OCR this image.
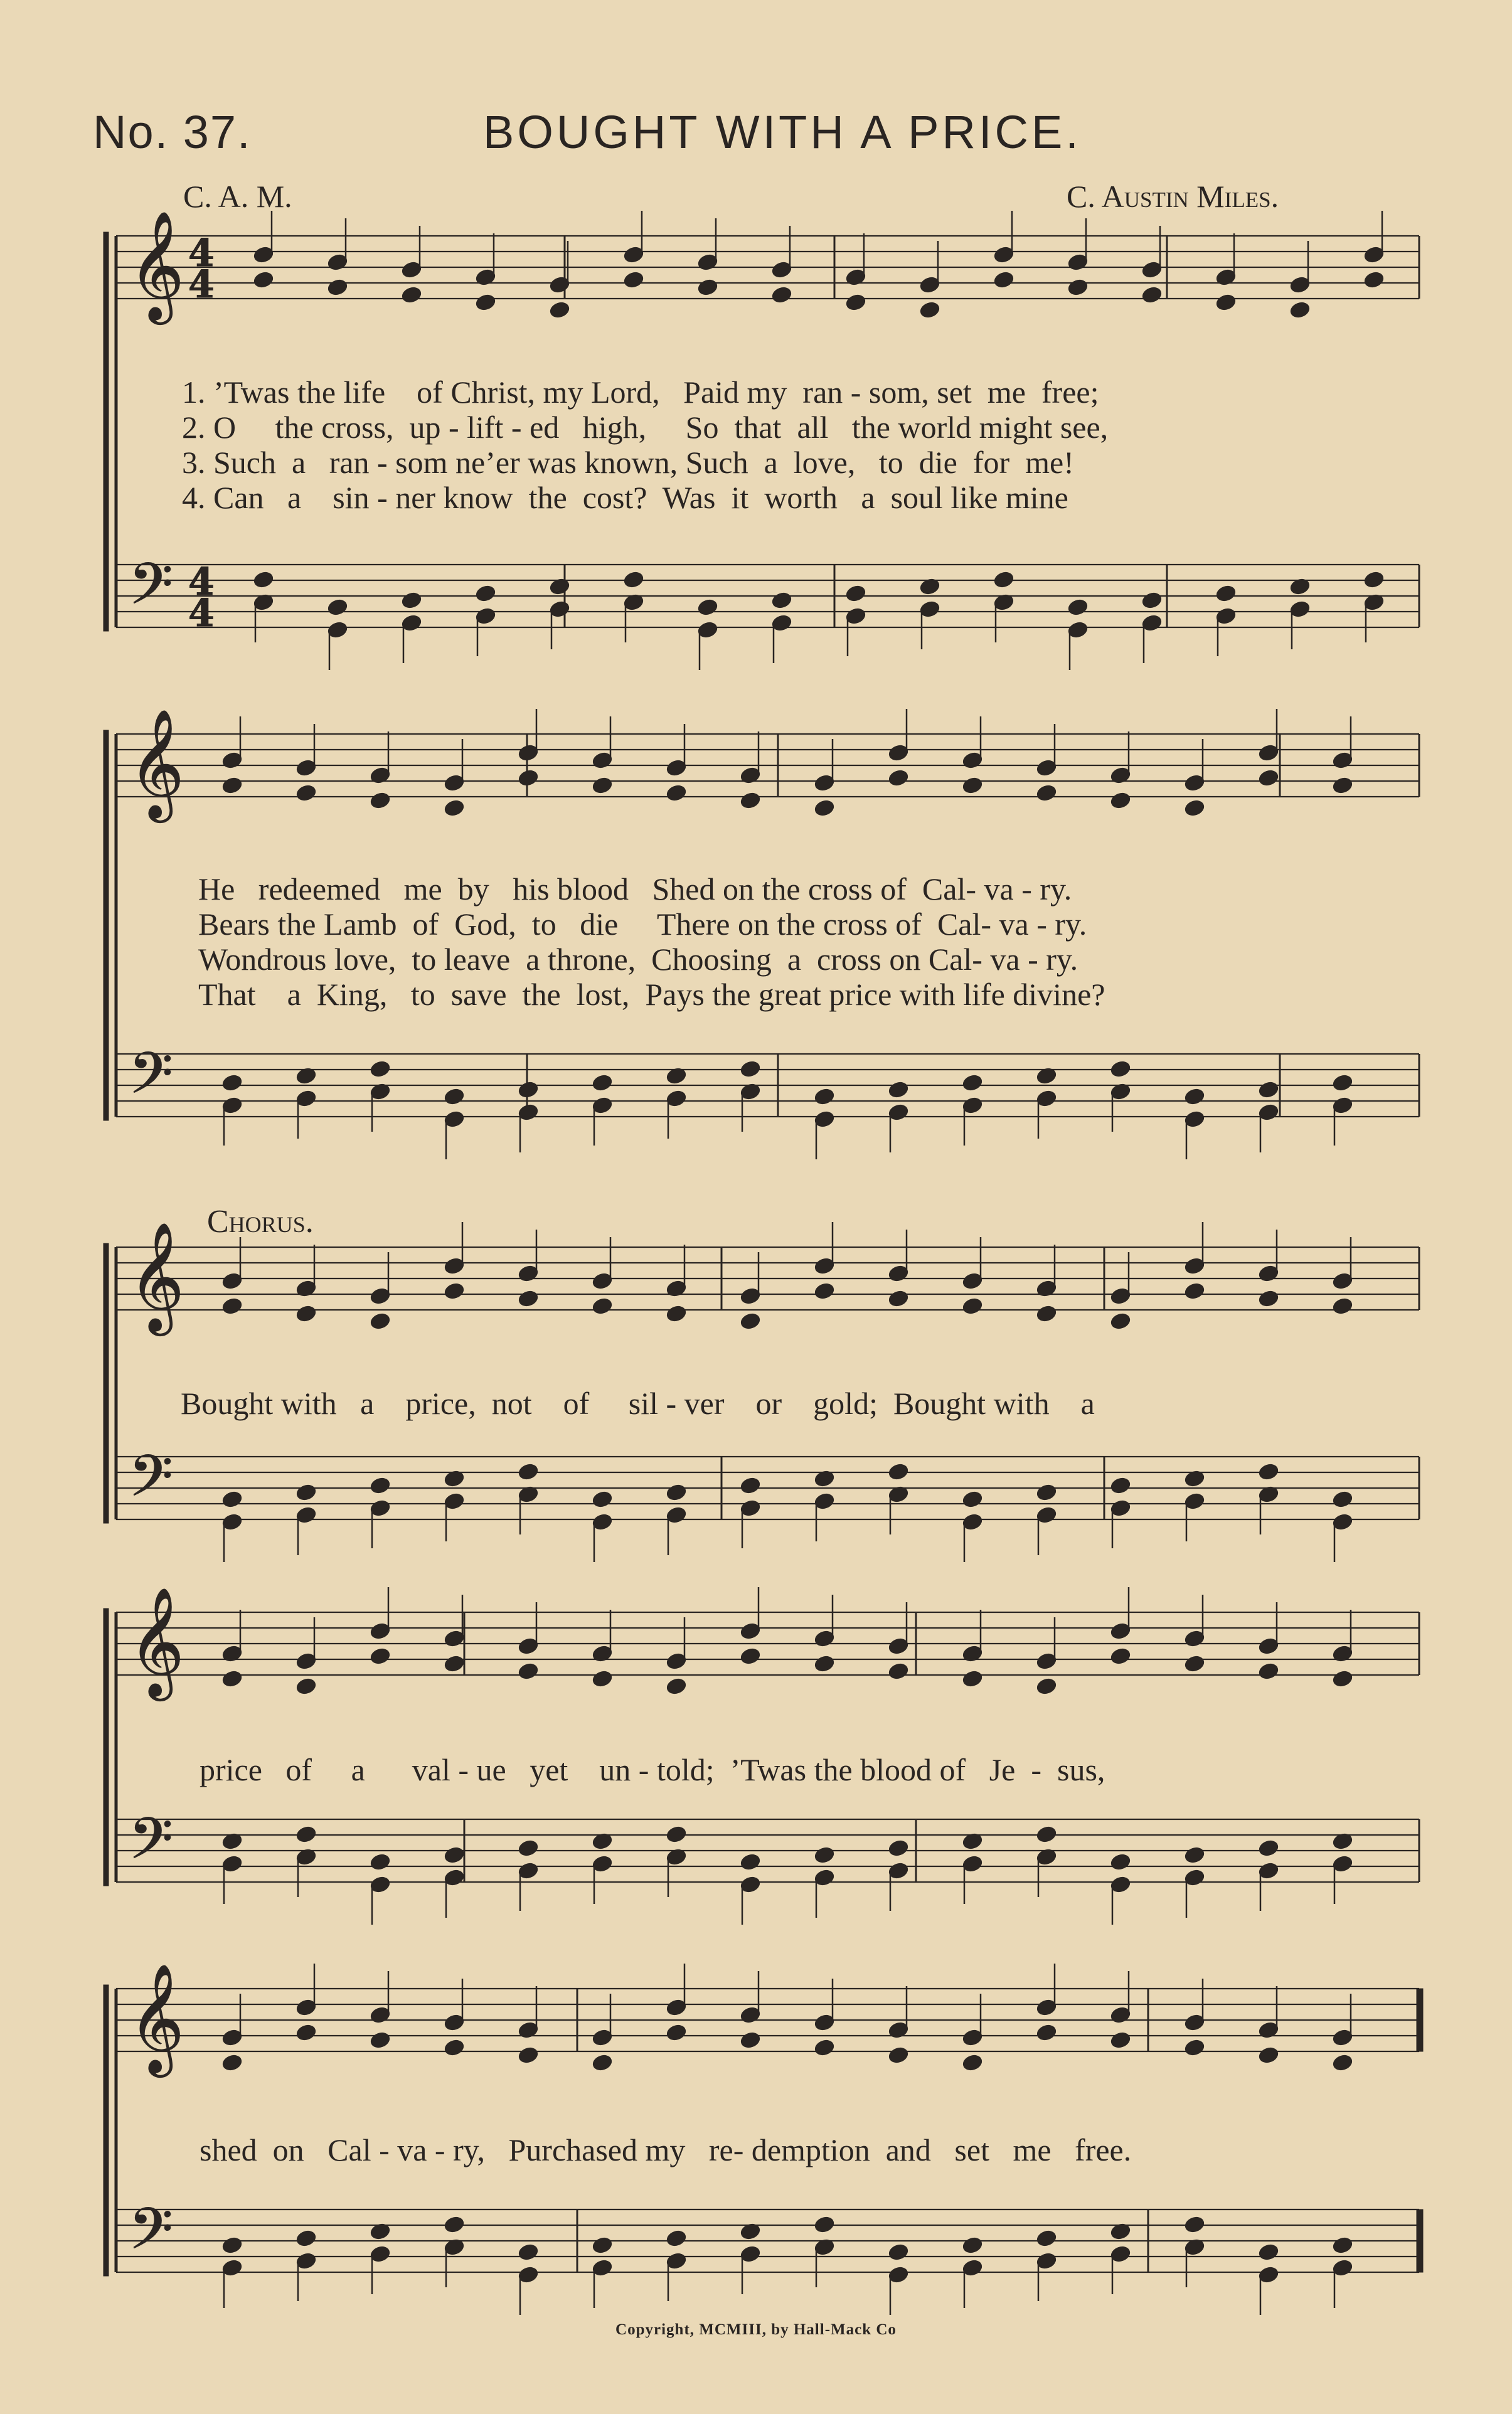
No. 37.	BOUGHT WITH A PRICE.
C. A. M.	C. Austin Miles.
𝄞
𝄢
4
4
4
4
𝄞
𝄢
𝄞
𝄢
𝄞
𝄢
𝄞
𝄢
1. ’Twas the life    of Christ, my Lord,   Paid my  ran - som, set  me  free;
2. O     the cross,  up - lift - ed   high,     So  that  all   the world might see,
3. Such  a   ran - som ne’er was known, Such  a  love,   to  die  for  me!
4. Can   a    sin - ner know  the  cost?  Was  it  worth   a  soul like mine
He   redeemed   me  by   his blood   Shed on the cross of  Cal- va - ry.
Bears the Lamb  of  God,  to   die     There on the cross of  Cal- va - ry.
Wondrous love,  to leave  a throne,  Choosing  a  cross on Cal- va - ry.
That    a  King,   to  save  the  lost,  Pays the great price with life divine?
Chorus.
Bought with   a    price,  not    of     sil - ver    or    gold;  Bought with    a
price   of     a      val - ue   yet    un - told;  ’Twas the blood of   Je  -  sus,
shed  on   Cal - va - ry,   Purchased my   re- demption  and   set   me   free.
Copyright, MCMIII, by Hall-Mack Co
